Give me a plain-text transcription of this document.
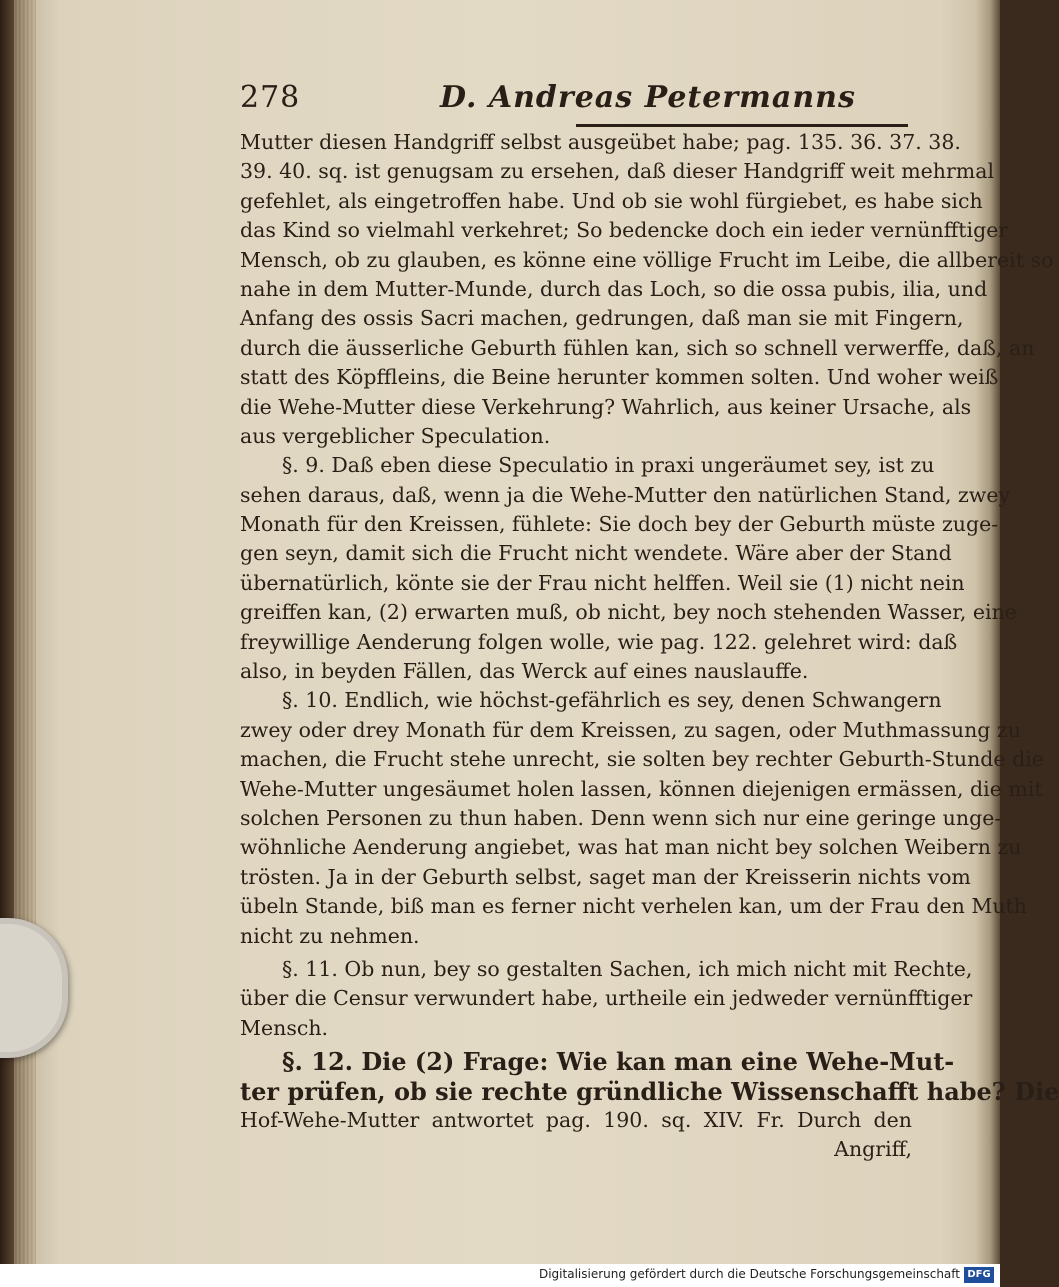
278	D. Andreas Petermanns
Mutter diesen Handgriff selbst ausgeübet habe; pag. 135. 36. 37. 38.
39. 40. sq. ist genugsam zu ersehen, daß dieser Handgriff weit mehrmal
gefehlet, als eingetroffen habe. Und ob sie wohl fürgiebet, es habe sich
das Kind so vielmahl verkehret; So bedencke doch ein ieder vernünfftiger
Mensch, ob zu glauben, es könne eine völlige Frucht im Leibe, die allbereit so
nahe in dem Mutter-Munde, durch das Loch, so die ossa pubis, ilia, und
Anfang des ossis Sacri machen, gedrungen, daß man sie mit Fingern,
durch die äusserliche Geburth fühlen kan, sich so schnell verwerffe, daß, an
statt des Köpffleins, die Beine herunter kommen solten. Und woher weiß
die Wehe-Mutter diese Verkehrung? Wahrlich, aus keiner Ursache, als
aus vergeblicher Speculation.
§. 9. Daß eben diese Speculatio in praxi ungeräumet sey, ist zu
sehen daraus, daß, wenn ja die Wehe-Mutter den natürlichen Stand, zwey
Monath für den Kreissen, fühlete: Sie doch bey der Geburth müste zuge-
gen seyn, damit sich die Frucht nicht wendete. Wäre aber der Stand
übernatürlich, könte sie der Frau nicht helffen. Weil sie (1) nicht nein
greiffen kan, (2) erwarten muß, ob nicht, bey noch stehenden Wasser, eine
freywillige Aenderung folgen wolle, wie pag. 122. gelehret wird: daß
also, in beyden Fällen, das Werck auf eines nauslauffe.
§. 10. Endlich, wie höchst-gefährlich es sey, denen Schwangern
zwey oder drey Monath für dem Kreissen, zu sagen, oder Muthmassung zu
machen, die Frucht stehe unrecht, sie solten bey rechter Geburth-Stunde die
Wehe-Mutter ungesäumet holen lassen, können diejenigen ermässen, die mit
solchen Personen zu thun haben. Denn wenn sich nur eine geringe unge-
wöhnliche Aenderung angiebet, was hat man nicht bey solchen Weibern zu
trösten. Ja in der Geburth selbst, saget man der Kreisserin nichts vom
übeln Stande, biß man es ferner nicht verhelen kan, um der Frau den Muth
nicht zu nehmen.
§. 11. Ob nun, bey so gestalten Sachen, ich mich nicht mit Rechte,
über die Censur verwundert habe, urtheile ein jedweder vernünfftiger
Mensch.
§. 12. Die (2) Frage: Wie kan man eine Wehe-Mut-
ter prüfen, ob sie rechte gründliche Wissenschafft habe? Die
Hof-Wehe-Mutter antwortet pag. 190. sq. XIV. Fr. Durch den
Angriff,
Digitalisierung gefördert durch die Deutsche Forschungsgemeinschaft DFG
